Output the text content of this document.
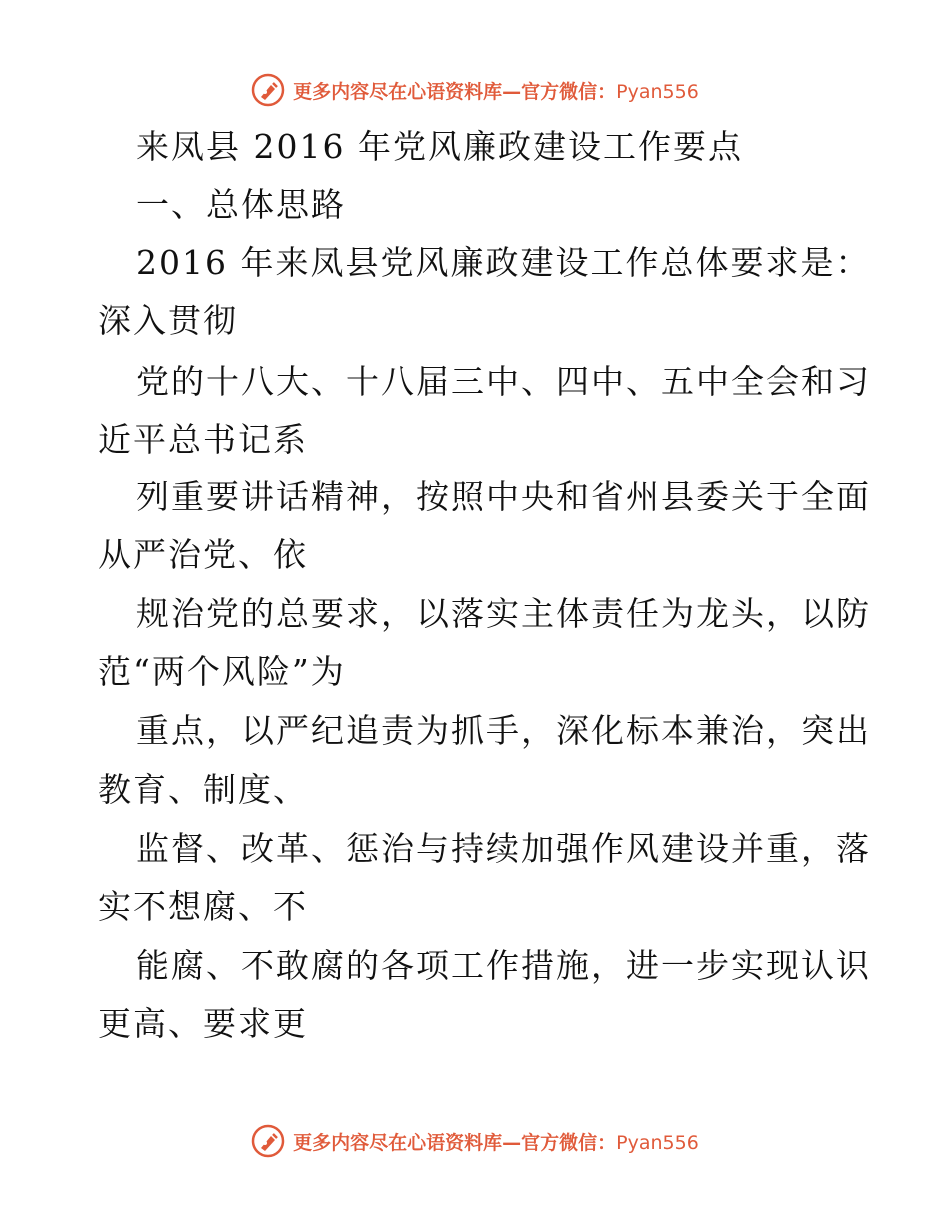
更多内容尽在心语资料库—官方微信：Pyan556
来凤县 2016 年党风廉政建设工作要点
一、总体思路
2016 年来凤县党风廉政建设工作总体要求是：
深入贯彻
党的十八大、十八届三中、四中、五中全会和习
近平总书记系
列重要讲话精神，按照中央和省州县委关于全面
从严治党、依
规治党的总要求，以落实主体责任为龙头，以防
范“两个风险”为
重点，以严纪追责为抓手，深化标本兼治，突出
教育、制度、
监督、改革、惩治与持续加强作风建设并重，落
实不想腐、不
能腐、不敢腐的各项工作措施，进一步实现认识
更高、要求更
更多内容尽在心语资料库—官方微信：Pyan556
